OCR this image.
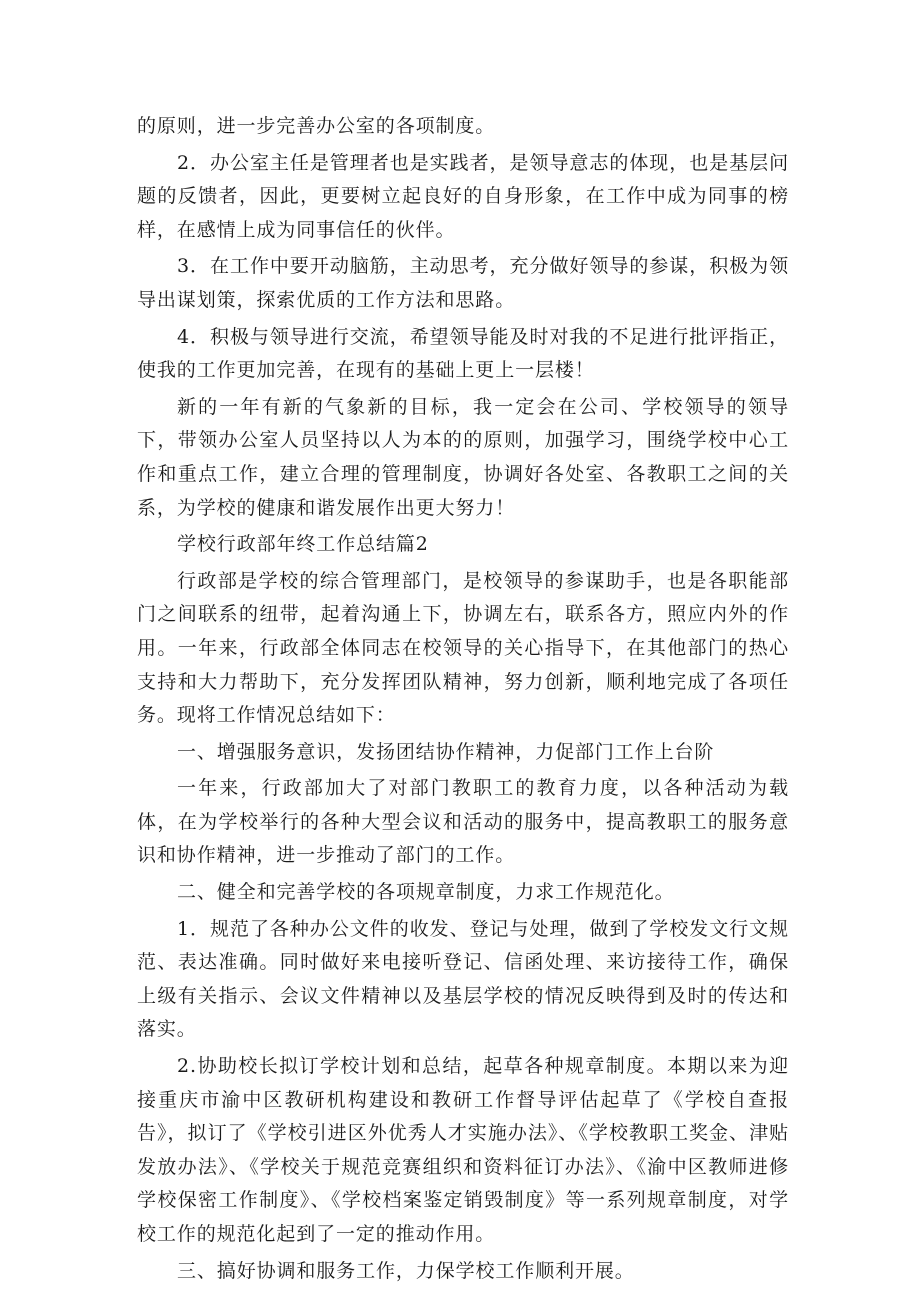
的原则，进一步完善办公室的各项制度。

2．办公室主任是管理者也是实践者，是领导意志的体现，也是基层问题的反馈者，因此，更要树立起良好的自身形象，在工作中成为同事的榜样，在感情上成为同事信任的伙伴。

3．在工作中要开动脑筋，主动思考，充分做好领导的参谋，积极为领导出谋划策，探索优质的工作方法和思路。

4．积极与领导进行交流，希望领导能及时对我的不足进行批评指正，使我的工作更加完善，在现有的基础上更上一层楼！

新的一年有新的气象新的目标，我一定会在公司、学校领导的领导下，带领办公室人员坚持以人为本的的原则，加强学习，围绕学校中心工作和重点工作，建立合理的管理制度，协调好各处室、各教职工之间的关系，为学校的健康和谐发展作出更大努力！

学校行政部年终工作总结篇2

行政部是学校的综合管理部门，是校领导的参谋助手，也是各职能部门之间联系的纽带，起着沟通上下，协调左右，联系各方，照应内外的作用。一年来，行政部全体同志在校领导的关心指导下，在其他部门的热心支持和大力帮助下，充分发挥团队精神，努力创新，顺利地完成了各项任务。现将工作情况总结如下：

一、增强服务意识，发扬团结协作精神，力促部门工作上台阶

一年来，行政部加大了对部门教职工的教育力度，以各种活动为载体，在为学校举行的各种大型会议和活动的服务中，提高教职工的服务意识和协作精神，进一步推动了部门的工作。

二、健全和完善学校的各项规章制度，力求工作规范化。

1．规范了各种办公文件的收发、登记与处理，做到了学校发文行文规范、表达准确。同时做好来电接听登记、信函处理、来访接待工作，确保上级有关指示、会议文件精神以及基层学校的情况反映得到及时的传达和落实。

2.协助校长拟订学校计划和总结，起草各种规章制度。本期以来为迎接重庆市渝中区教研机构建设和教研工作督导评估起草了《学校自查报告》，拟订了《学校引进区外优秀人才实施办法》、《学校教职工奖金、津贴发放办法》、《学校关于规范竞赛组织和资料征订办法》、《渝中区教师进修学校保密工作制度》、《学校档案鉴定销毁制度》等一系列规章制度，对学校工作的规范化起到了一定的推动作用。

三、搞好协调和服务工作，力保学校工作顺利开展。
